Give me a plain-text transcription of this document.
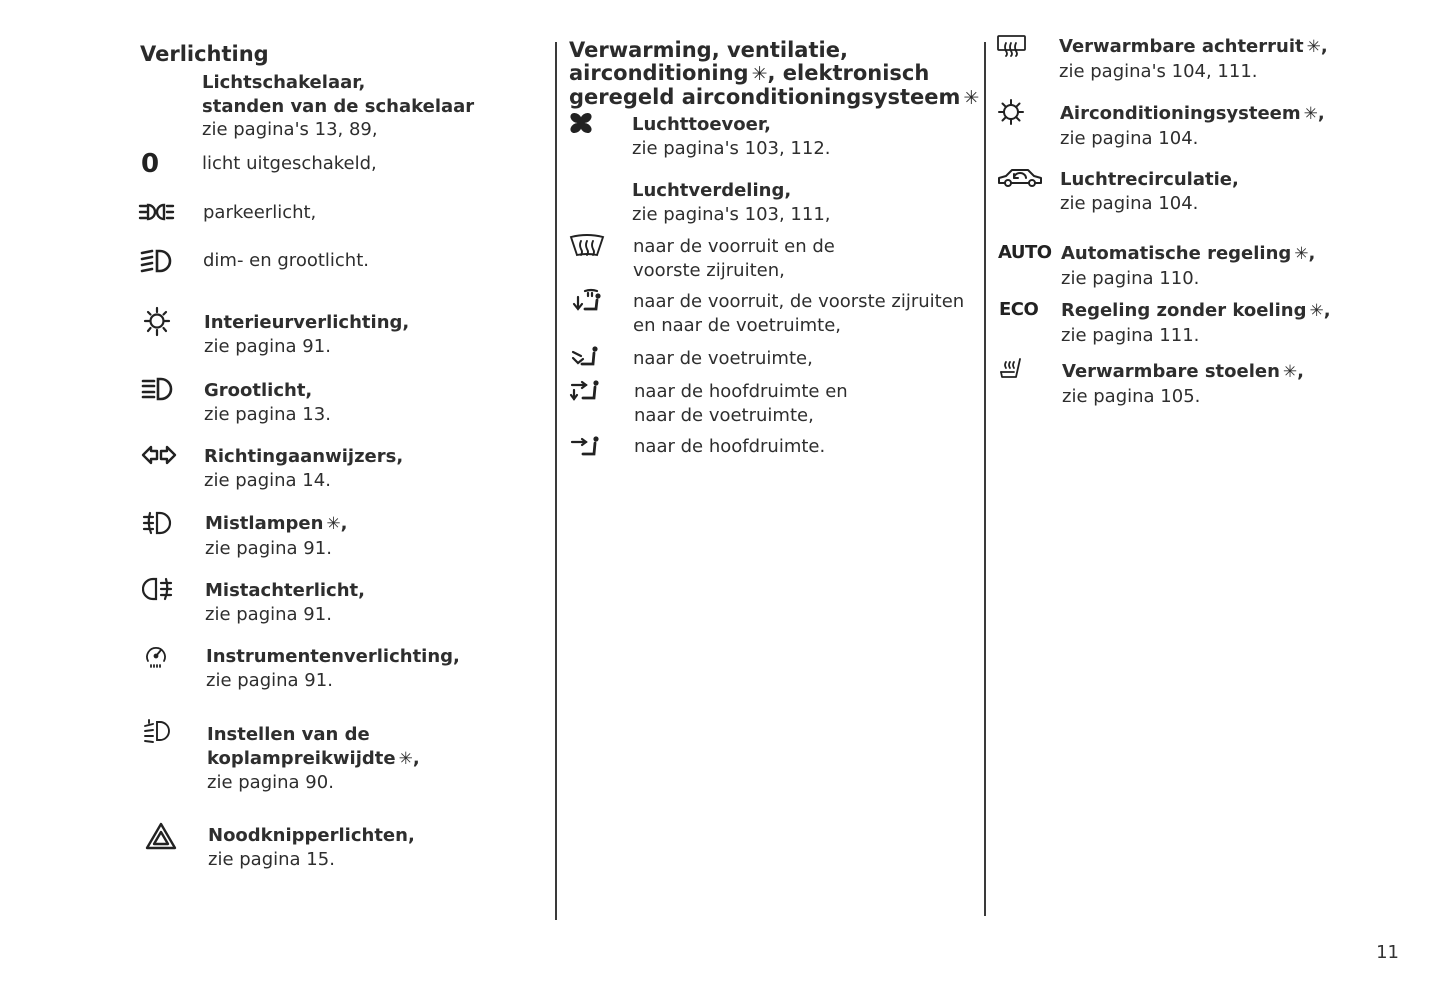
Verlichting
Lichtschakelaar,
standen van de schakelaar
zie pagina's 13, 89,
0 licht uitgeschakeld,
parkeerlicht,
dim- en grootlicht.
Interieurverlichting,
zie pagina 91.
Grootlicht,
zie pagina 13.
Richtingaanwijzers,
zie pagina 14.
Mistlampen ✳,
zie pagina 91.
Mistachterlicht,
zie pagina 91.
Instrumentenverlichting,
zie pagina 91.
Instellen van de
koplampreikwijdte ✳,
zie pagina 90.
Noodknipperlichten,
zie pagina 15.
Verwarming, ventilatie,
airconditioning ✳, elektronisch
geregeld airconditioningsysteem ✳
Luchttoevoer,
zie pagina's 103, 112.
Luchtverdeling,
zie pagina's 103, 111,
naar de voorruit en de
voorste zijruiten,
naar de voorruit, de voorste zijruiten
en naar de voetruimte,
naar de voetruimte,
naar de hoofdruimte en
naar de voetruimte,
naar de hoofdruimte.
Verwarmbare achterruit ✳,
zie pagina's 104, 111.
Airconditioningsysteem ✳,
zie pagina 104.
Luchtrecirculatie,
zie pagina 104.
AUTO Automatische regeling ✳,
zie pagina 110.
ECO Regeling zonder koeling ✳,
zie pagina 111.
Verwarmbare stoelen ✳,
zie pagina 105.
11
